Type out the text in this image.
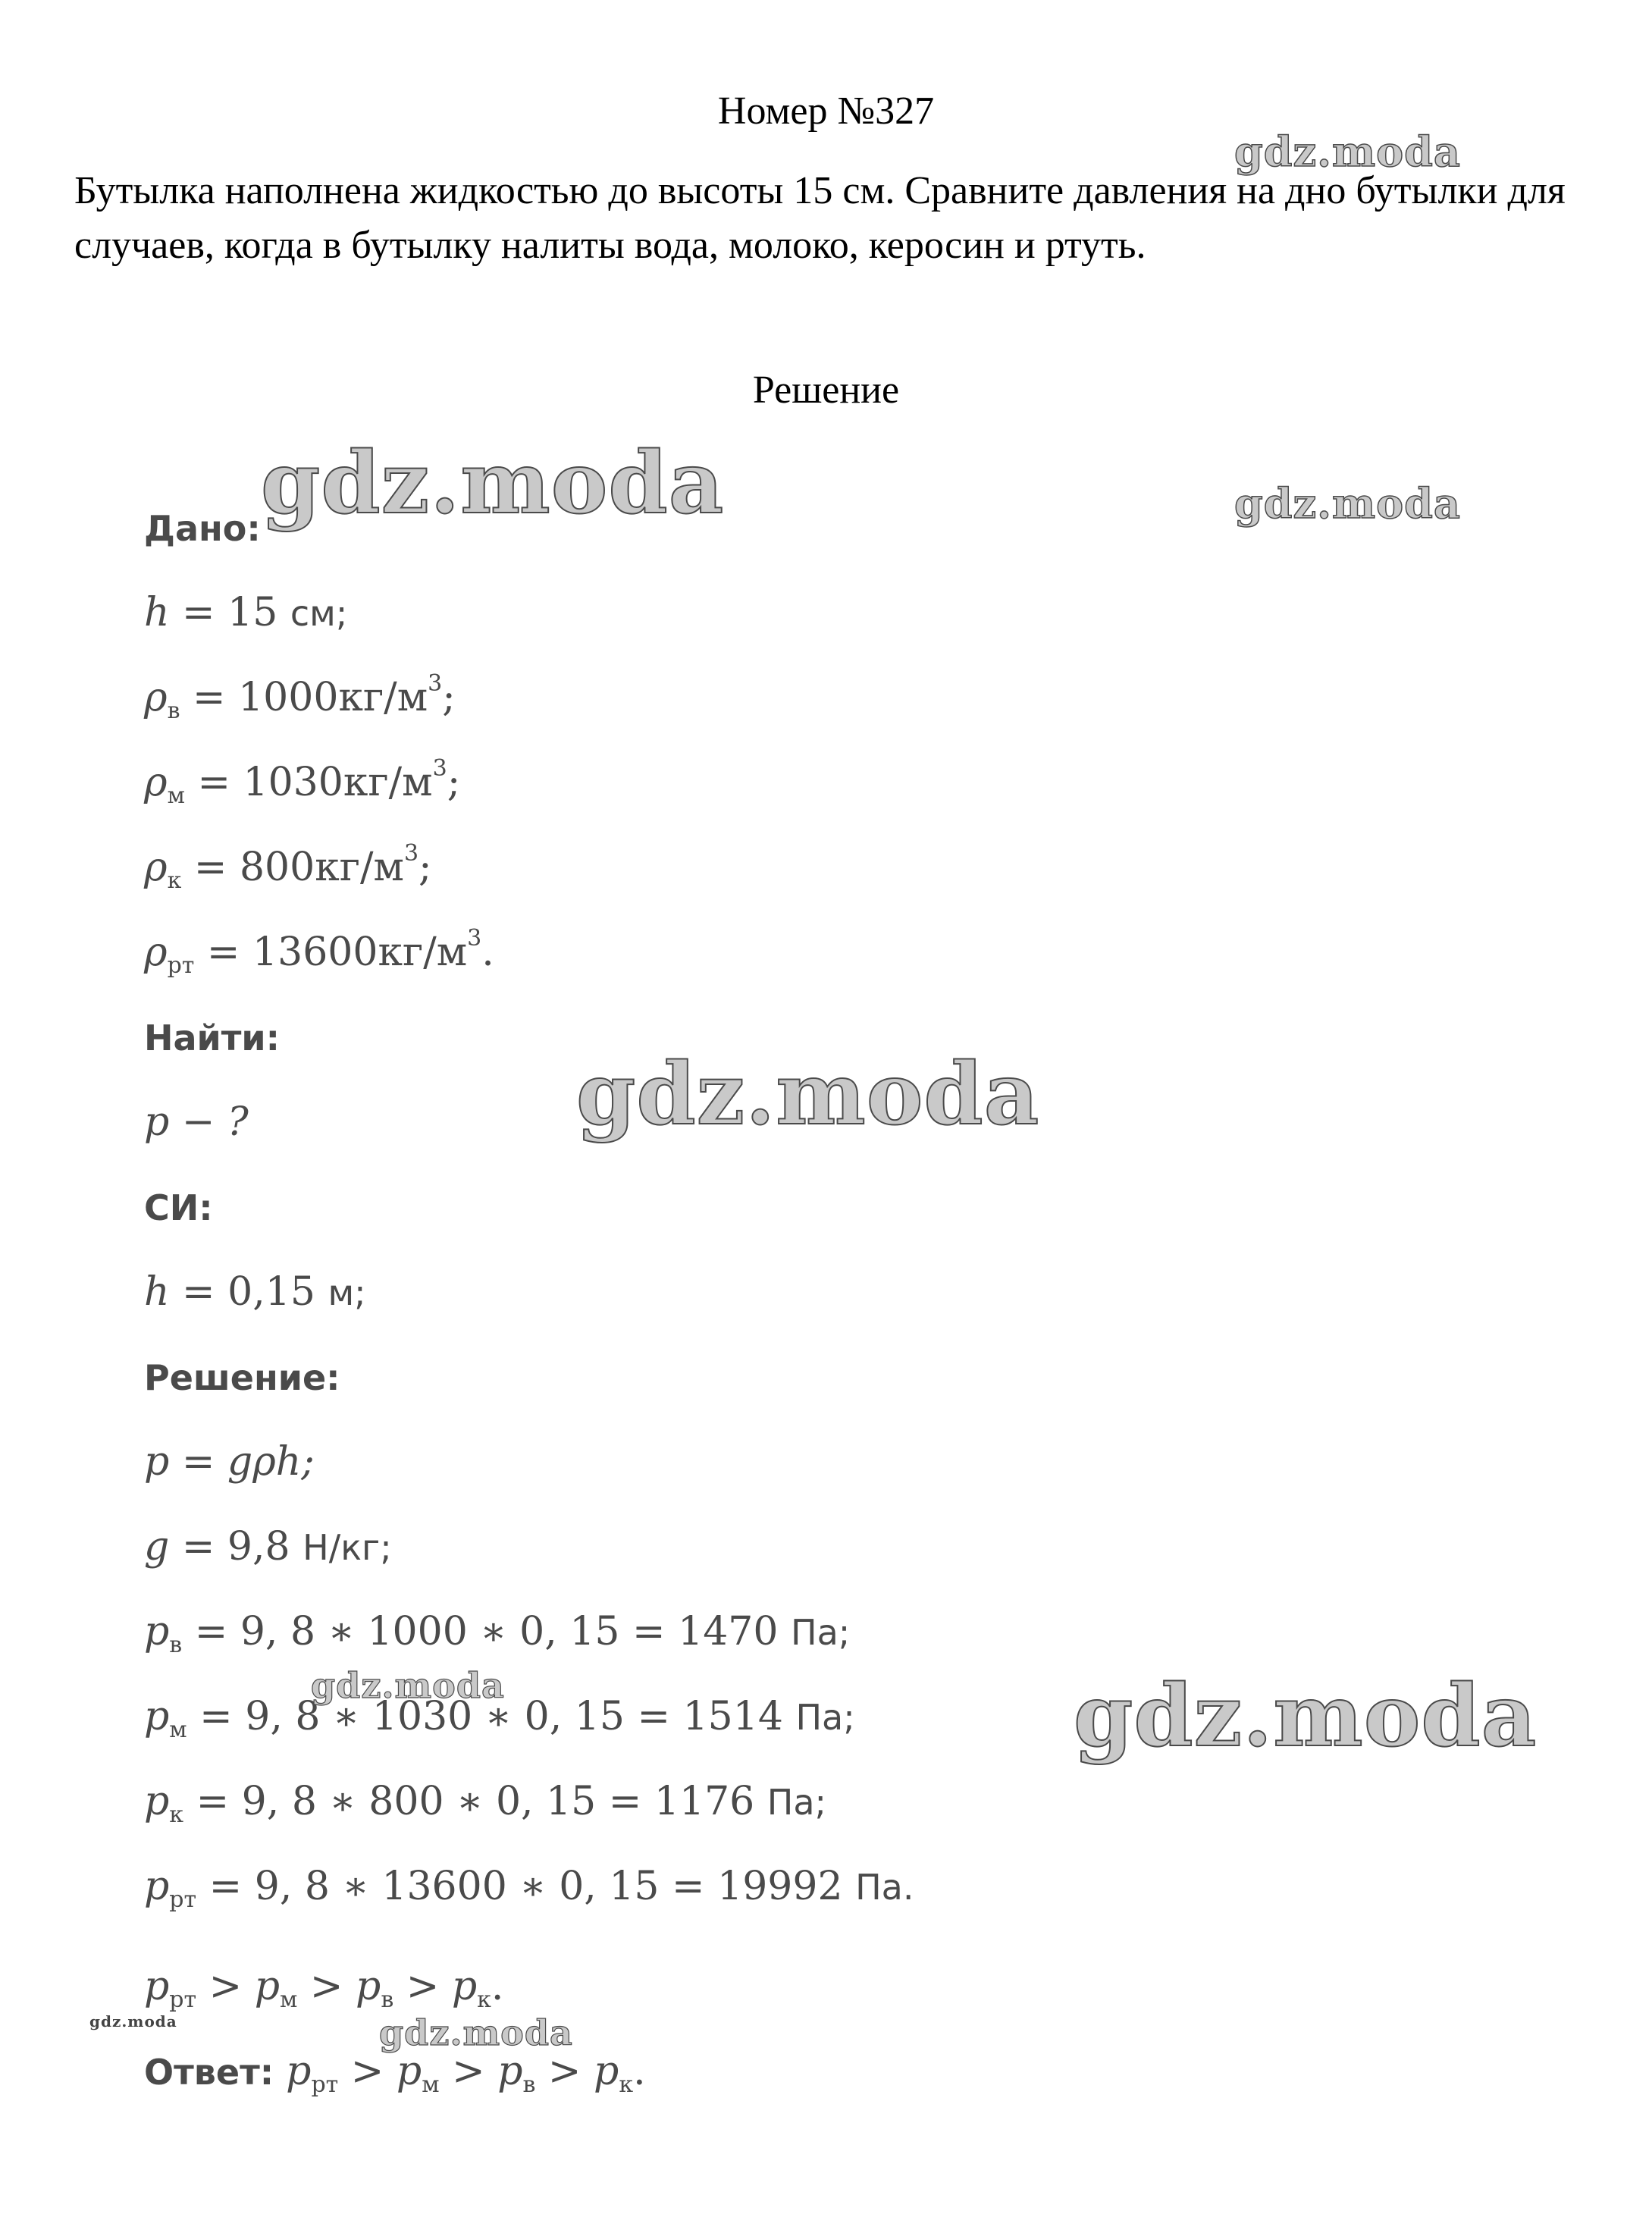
Номер №327
Бутылка наполнена жидкостью до высоты 15 см. Сравните давления на дно бутылки для случаев, когда в бутылку налиты вода, молоко, керосин и ртуть.
Решение
Дано:
h = 15 см;
$\rho_в = 1000кг/м^3$;
$\rho_м = 1030кг/м^3$;
$\rho_к = 800кг/м^3$;
$\rho_{рт} = 13600кг/м^3$.
Найти:
p − ?
СИ:
h = 0,15 м;
Решение:
p = gρh;
g = 9,8 Н/кг;
$p_в = 9$, 8 ∗ 1000 ∗ 0, 15 = 1470 Па;
$p_м = 9$, 8 ∗ 1030 ∗ 0, 15 = 1514 Па;
$p_к = 9$, 8 ∗ 800 ∗ 0, 15 = 1176 Па;
$p_{рт} = 9$, 8 ∗ 13600 ∗ 0, 15 = 19992 Па.
$p_{рт} > p_м > p_в > p_к$.
Ответ: $p_{рт} > p_м > p_в > p_к$.
gdz.moda
gdz.moda	gdz.moda
gdz.moda
gdz.moda
gdz.moda
gdz.moda	gdz.moda
